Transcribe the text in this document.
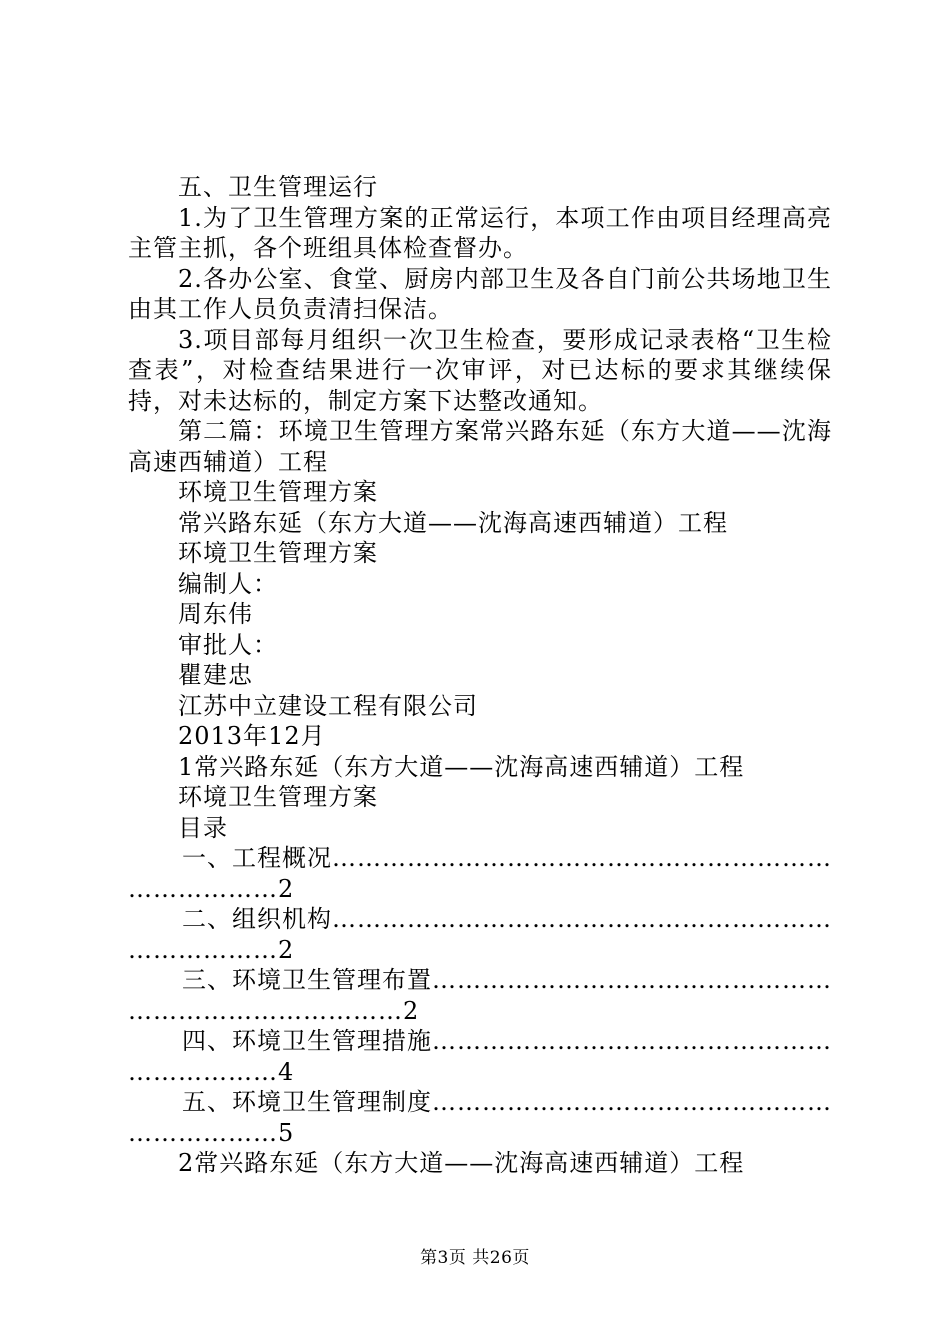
五、卫生管理运行

1.为了卫生管理方案的正常运行，本项工作由项目经理高亮主管主抓，各个班组具体检查督办。

2.各办公室、食堂、厨房内部卫生及各自门前公共场地卫生由其工作人员负责清扫保洁。

3.项目部每月组织一次卫生检查，要形成记录表格“卫生检查表”，对检查结果进行一次审评，对已达标的要求其继续保持，对未达标的，制定方案下达整改通知。

第二篇：环境卫生管理方案常兴路东延（东方大道——沈海高速西辅道）工程

环境卫生管理方案

常兴路东延（东方大道——沈海高速西辅道）工程

环境卫生管理方案

编制人：

周东伟

审批人：

瞿建忠

江苏中立建设工程有限公司

2013年12月

1常兴路东延（东方大道——沈海高速西辅道）工程

环境卫生管理方案

目录

一、工程概况……………………………………………………
………………2
二、组织机构……………………………………………………
………………2
三、环境卫生管理布置…………………………………………
……………………………2
四、环境卫生管理措施…………………………………………
………………4
五、环境卫生管理制度…………………………………………
………………5

2常兴路东延（东方大道——沈海高速西辅道）工程

第3页 共26页
